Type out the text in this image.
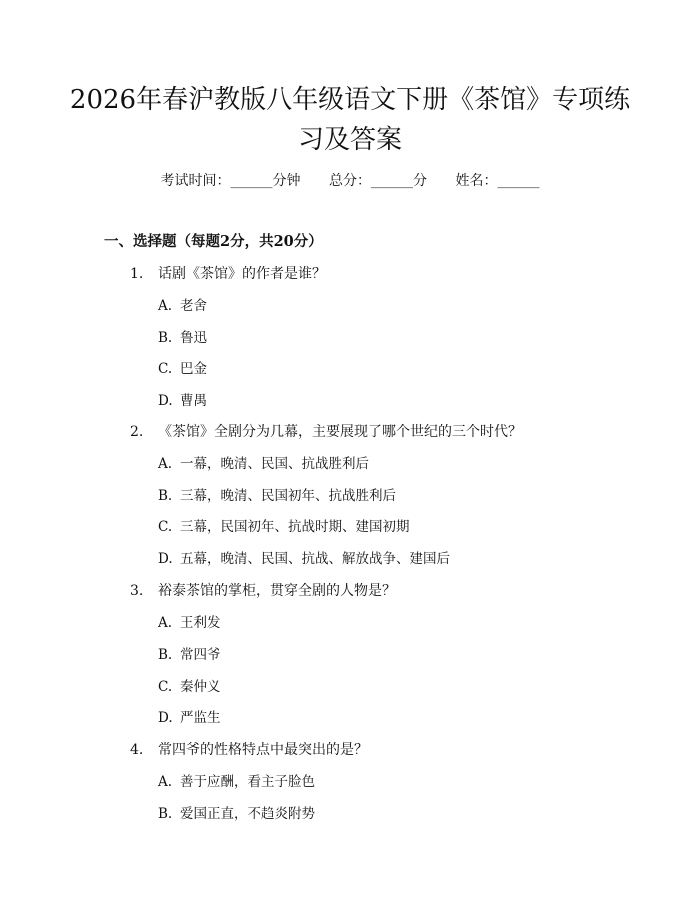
2026年春沪教版八年级语文下册《茶馆》专项练习及答案
考试时间：______分钟 总分：______分 姓名：______
一、选择题（每题2分，共20分）
1. 话剧《茶馆》的作者是谁？
A. 老舍
B. 鲁迅
C. 巴金
D. 曹禺
2. 《茶馆》全剧分为几幕，主要展现了哪个世纪的三个时代？
A. 一幕，晚清、民国、抗战胜利后
B. 三幕，晚清、民国初年、抗战胜利后
C. 三幕，民国初年、抗战时期、建国初期
D. 五幕，晚清、民国、抗战、解放战争、建国后
3. 裕泰茶馆的掌柜，贯穿全剧的人物是？
A. 王利发
B. 常四爷
C. 秦仲义
D. 严监生
4. 常四爷的性格特点中最突出的是？
A. 善于应酬，看主子脸色
B. 爱国正直，不趋炎附势
